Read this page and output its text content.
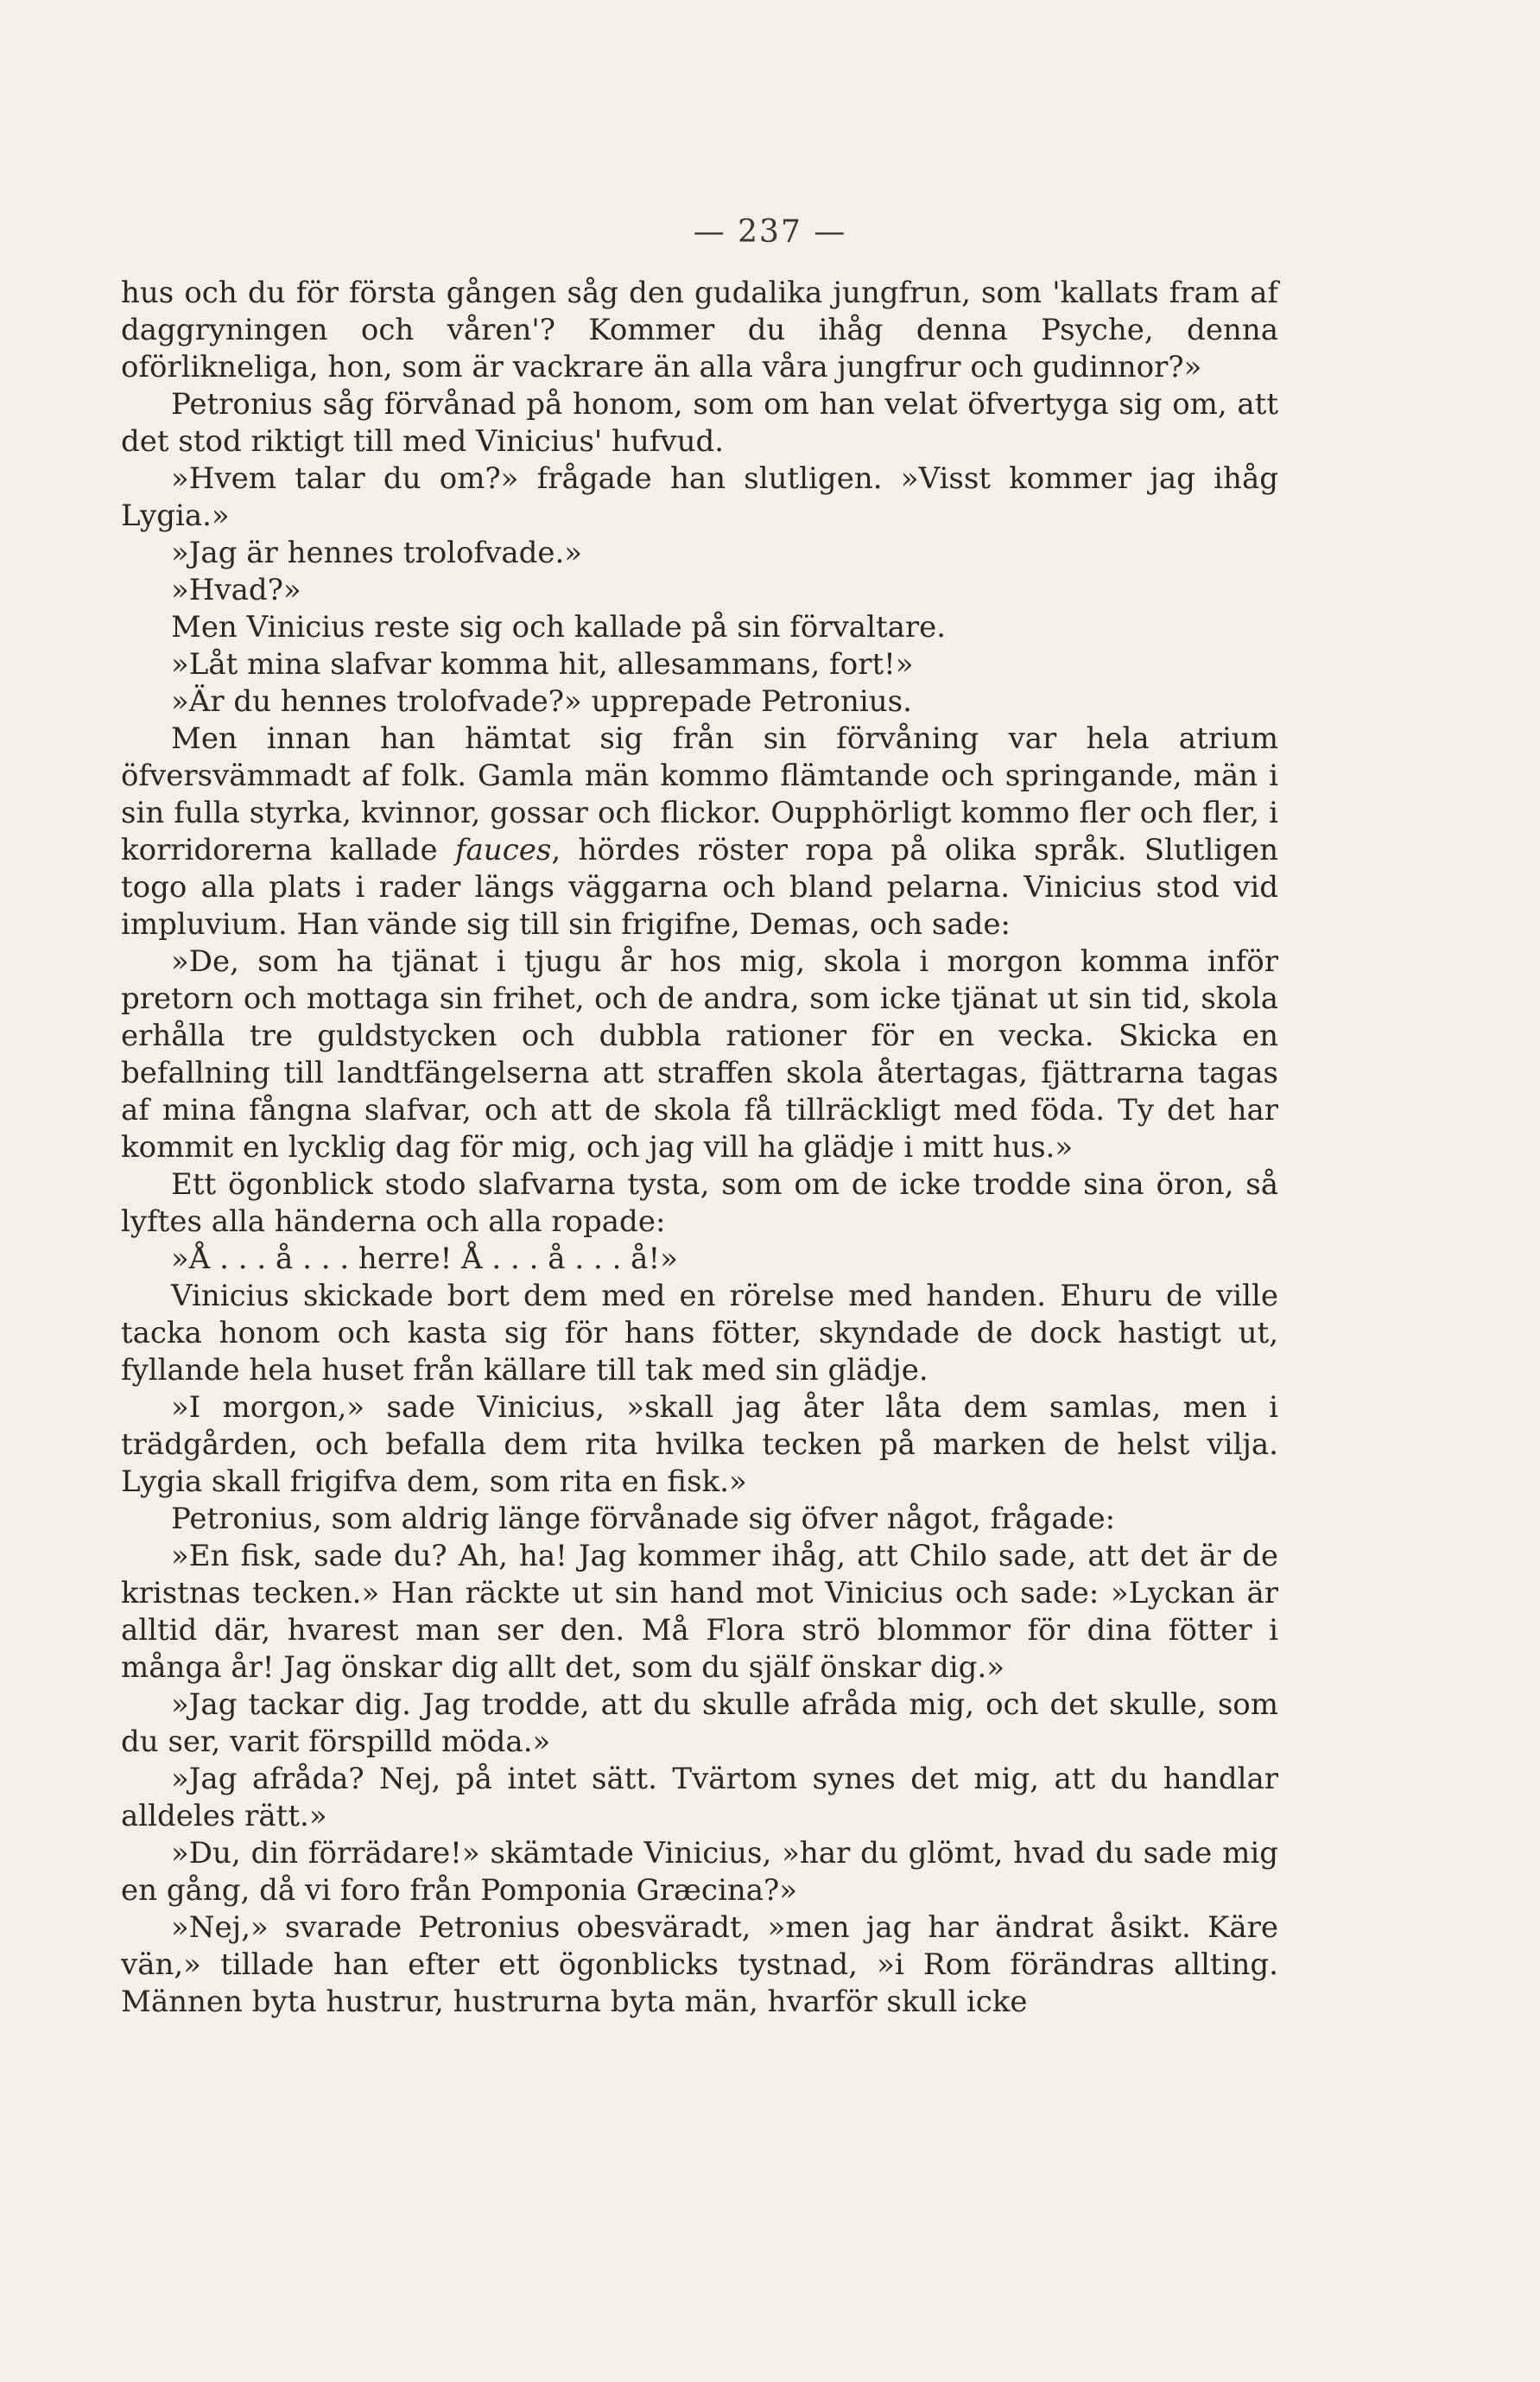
— 237 —

hus och du för första gången såg den gudalika jungfrun, som 'kallats fram af daggryningen och våren'? Kommer du ihåg denna Psyche, denna oförlikneliga, hon, som är vackrare än alla våra jungfrur och gudinnor?»

Petronius såg förvånad på honom, som om han velat öfvertyga sig om, att det stod riktigt till med Vinicius' hufvud.

»Hvem talar du om?» frågade han slutligen. »Visst kommer jag ihåg Lygia.»

»Jag är hennes trolofvade.»

»Hvad?»

Men Vinicius reste sig och kallade på sin förvaltare.

»Låt mina slafvar komma hit, allesammans, fort!»

»Är du hennes trolofvade?» upprepade Petronius.

Men innan han hämtat sig från sin förvåning var hela atrium öfversvämmadt af folk. Gamla män kommo flämtande och springande, män i sin fulla styrka, kvinnor, gossar och flickor. Oupphörligt kommo fler och fler, i korridorerna kallade fauces, hördes röster ropa på olika språk. Slutligen togo alla plats i rader längs väggarna och bland pelarna. Vinicius stod vid impluvium. Han vände sig till sin frigifne, Demas, och sade:

»De, som ha tjänat i tjugu år hos mig, skola i morgon komma inför pretorn och mottaga sin frihet, och de andra, som icke tjänat ut sin tid, skola erhålla tre guldstycken och dubbla rationer för en vecka. Skicka en befallning till landtfängelserna att straffen skola återtagas, fjättrarna tagas af mina fångna slafvar, och att de skola få tillräckligt med föda. Ty det har kommit en lycklig dag för mig, och jag vill ha glädje i mitt hus.»

Ett ögonblick stodo slafvarna tysta, som om de icke trodde sina öron, så lyftes alla händerna och alla ropade:

»Å . . . å . . . herre! Å . . . å . . . å!»

Vinicius skickade bort dem med en rörelse med handen. Ehuru de ville tacka honom och kasta sig för hans fötter, skyndade de dock hastigt ut, fyllande hela huset från källare till tak med sin glädje.

»I morgon,» sade Vinicius, »skall jag åter låta dem samlas, men i trädgården, och befalla dem rita hvilka tecken på marken de helst vilja. Lygia skall frigifva dem, som rita en fisk.»

Petronius, som aldrig länge förvånade sig öfver något, frågade:

»En fisk, sade du? Ah, ha! Jag kommer ihåg, att Chilo sade, att det är de kristnas tecken.» Han räckte ut sin hand mot Vinicius och sade: »Lyckan är alltid där, hvarest man ser den. Må Flora strö blommor för dina fötter i många år! Jag önskar dig allt det, som du själf önskar dig.»

»Jag tackar dig. Jag trodde, att du skulle afråda mig, och det skulle, som du ser, varit förspilld möda.»

»Jag afråda? Nej, på intet sätt. Tvärtom synes det mig, att du handlar alldeles rätt.»

»Du, din förrädare!» skämtade Vinicius, »har du glömt, hvad du sade mig en gång, då vi foro från Pomponia Græcina?»

»Nej,» svarade Petronius obesväradt, »men jag har ändrat åsikt. Käre vän,» tillade han efter ett ögonblicks tystnad, »i Rom förändras allting. Männen byta hustrur, hustrurna byta män, hvarför skull icke
